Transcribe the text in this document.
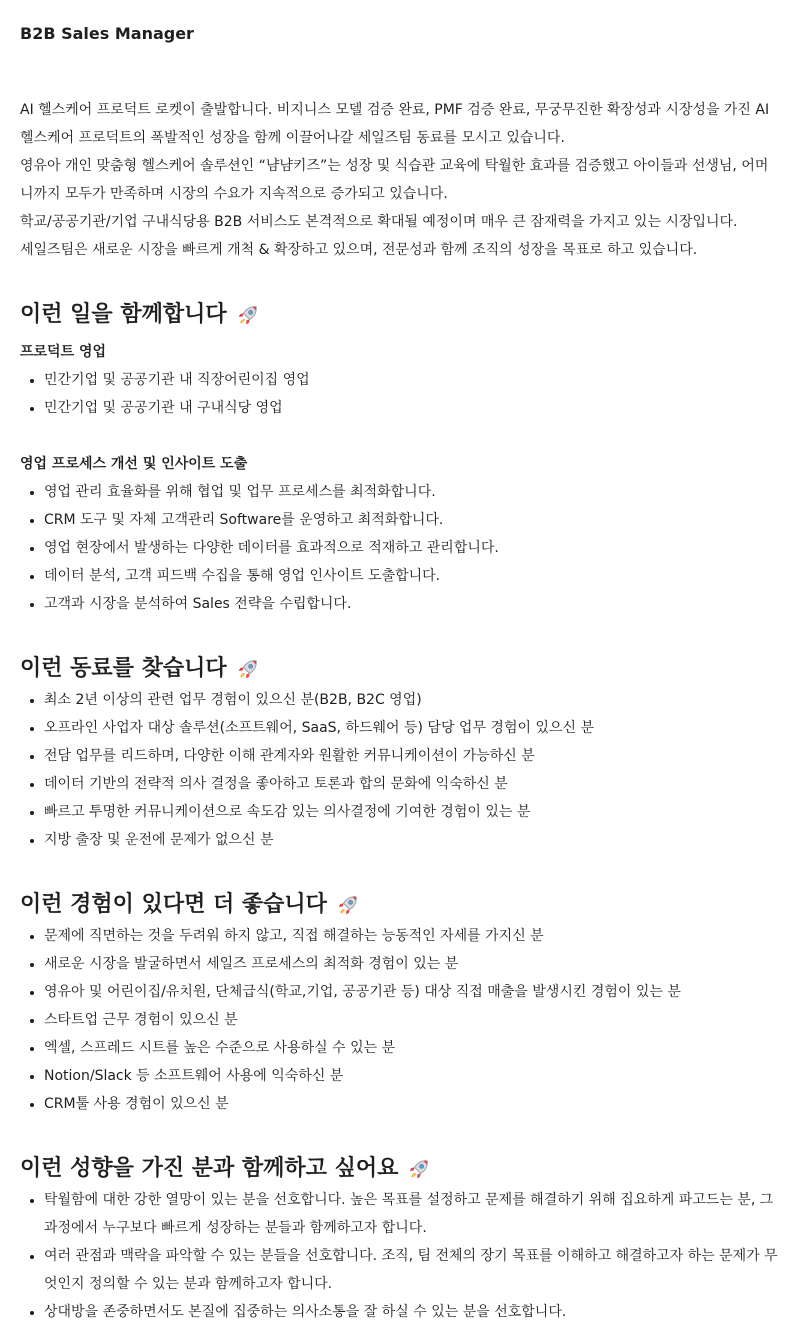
B2B Sales Manager

AI 헬스케어 프로덕트 로켓이 출발합니다. 비지니스 모델 검증 완료, PMF 검증 완료, 무궁무진한 확장성과 시장성을 가진 AI 헬스케어 프로덕트의 폭발적인 성장을 함께 이끌어나갈 세일즈팀 동료를 모시고 있습니다.

영유아 개인 맞춤형 헬스케어 솔루션인 “냠냠키즈”는 성장 및 식습관 교육에 탁월한 효과를 검증했고 아이들과 선생님, 어머니까지 모두가 만족하며 시장의 수요가 지속적으로 증가되고 있습니다.

학교/공공기관/기업 구내식당용 B2B 서비스도 본격적으로 확대될 예정이며 매우 큰 잠재력을 가지고 있는 시장입니다.

세일즈팀은 새로운 시장을 빠르게 개척 & 확장하고 있으며, 전문성과 함께 조직의 성장을 목표로 하고 있습니다.

이런 일을 함께합니다
프로덕트 영업
민간기업 및 공공기관 내 직장어린이집 영업
민간기업 및 공공기관 내 구내식당 영업
영업 프로세스 개선 및 인사이트 도출
영업 관리 효율화를 위해 협업 및 업무 프로세스를 최적화합니다.
CRM 도구 및 자체 고객관리 Software를 운영하고 최적화합니다.
영업 현장에서 발생하는 다양한 데이터를 효과적으로 적재하고 관리합니다.
데이터 분석, 고객 피드백 수집을 통해 영업 인사이트 도출합니다.
고객과 시장을 분석하여 Sales 전략을 수립합니다.
이런 동료를 찾습니다
최소 2년 이상의 관련 업무 경험이 있으신 분(B2B, B2C 영업)
오프라인 사업자 대상 솔루션(소프트웨어, SaaS, 하드웨어 등) 담당 업무 경험이 있으신 분
전담 업무를 리드하며, 다양한 이해 관계자와 원활한 커뮤니케이션이 가능하신 분
데이터 기반의 전략적 의사 결정을 좋아하고 토론과 합의 문화에 익숙하신 분
빠르고 투명한 커뮤니케이션으로 속도감 있는 의사결정에 기여한 경험이 있는 분
지방 출장 및 운전에 문제가 없으신 분
이런 경험이 있다면 더 좋습니다
문제에 직면하는 것을 두려워 하지 않고, 직접 해결하는 능동적인 자세를 가지신 분
새로운 시장을 발굴하면서 세일즈 프로세스의 최적화 경험이 있는 분
영유아 및 어린이집/유치원, 단체급식(학교,기업, 공공기관 등) 대상 직접 매출을 발생시킨 경험이 있는 분
스타트업 근무 경험이 있으신 분
엑셀, 스프레드 시트를 높은 수준으로 사용하실 수 있는 분
Notion/Slack 등 소프트웨어 사용에 익숙하신 분
CRM툴 사용 경험이 있으신 분
이런 성향을 가진 분과 함께하고 싶어요
탁월함에 대한 강한 열망이 있는 분을 선호합니다. 높은 목표를 설정하고 문제를 해결하기 위해 집요하게 파고드는 분, 그 과정에서 누구보다 빠르게 성장하는 분들과 함께하고자 합니다.
여러 관점과 맥락을 파악할 수 있는 분들을 선호합니다. 조직, 팀 전체의 장기 목표를 이해하고 해결하고자 하는 문제가 무엇인지 정의할 수 있는 분과 함께하고자 합니다.
상대방을 존중하면서도 본질에 집중하는 의사소통을 잘 하실 수 있는 분을 선호합니다.
